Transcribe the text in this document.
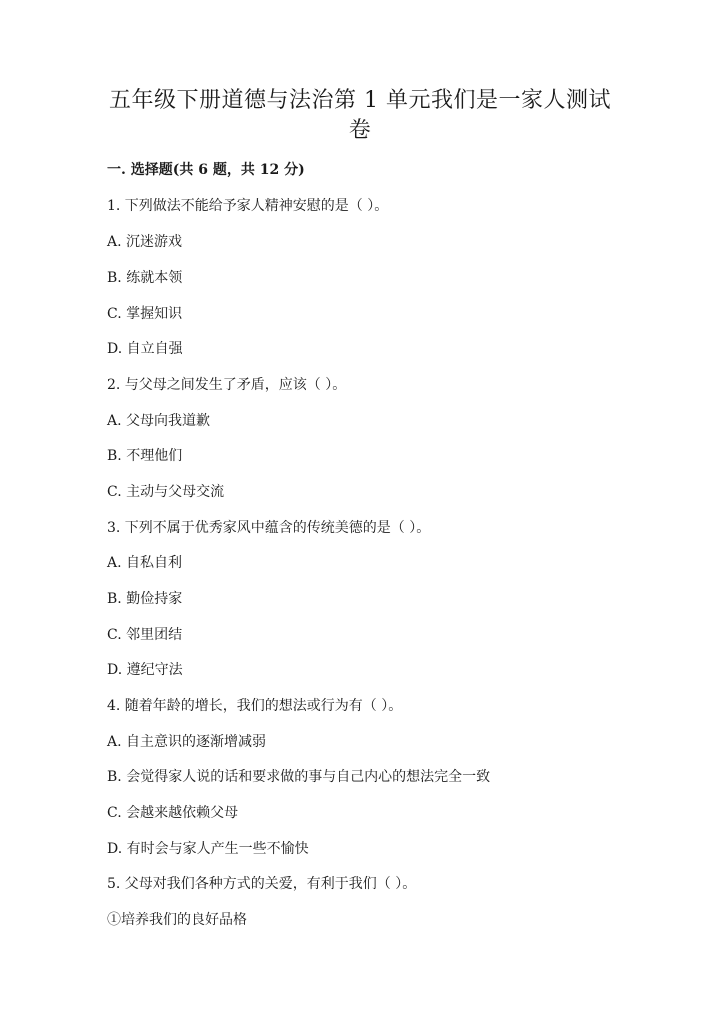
五年级下册道德与法治第 1 单元我们是一家人测试
卷
一. 选择题(共 6 题，共 12 分)
1. 下列做法不能给予家人精神安慰的是（ ）。
A. 沉迷游戏
B. 练就本领
C. 掌握知识
D. 自立自强
2. 与父母之间发生了矛盾，应该（ ）。
A. 父母向我道歉
B. 不理他们
C. 主动与父母交流
3. 下列不属于优秀家风中蕴含的传统美德的是（ ）。
A. 自私自利
B. 勤俭持家
C. 邻里团结
D. 遵纪守法
4. 随着年龄的增长，我们的想法或行为有（ ）。
A. 自主意识的逐渐增减弱
B. 会觉得家人说的话和要求做的事与自己内心的想法完全一致
C. 会越来越依赖父母
D. 有时会与家人产生一些不愉快
5. 父母对我们各种方式的关爱，有利于我们（ ）。
①培养我们的良好品格
